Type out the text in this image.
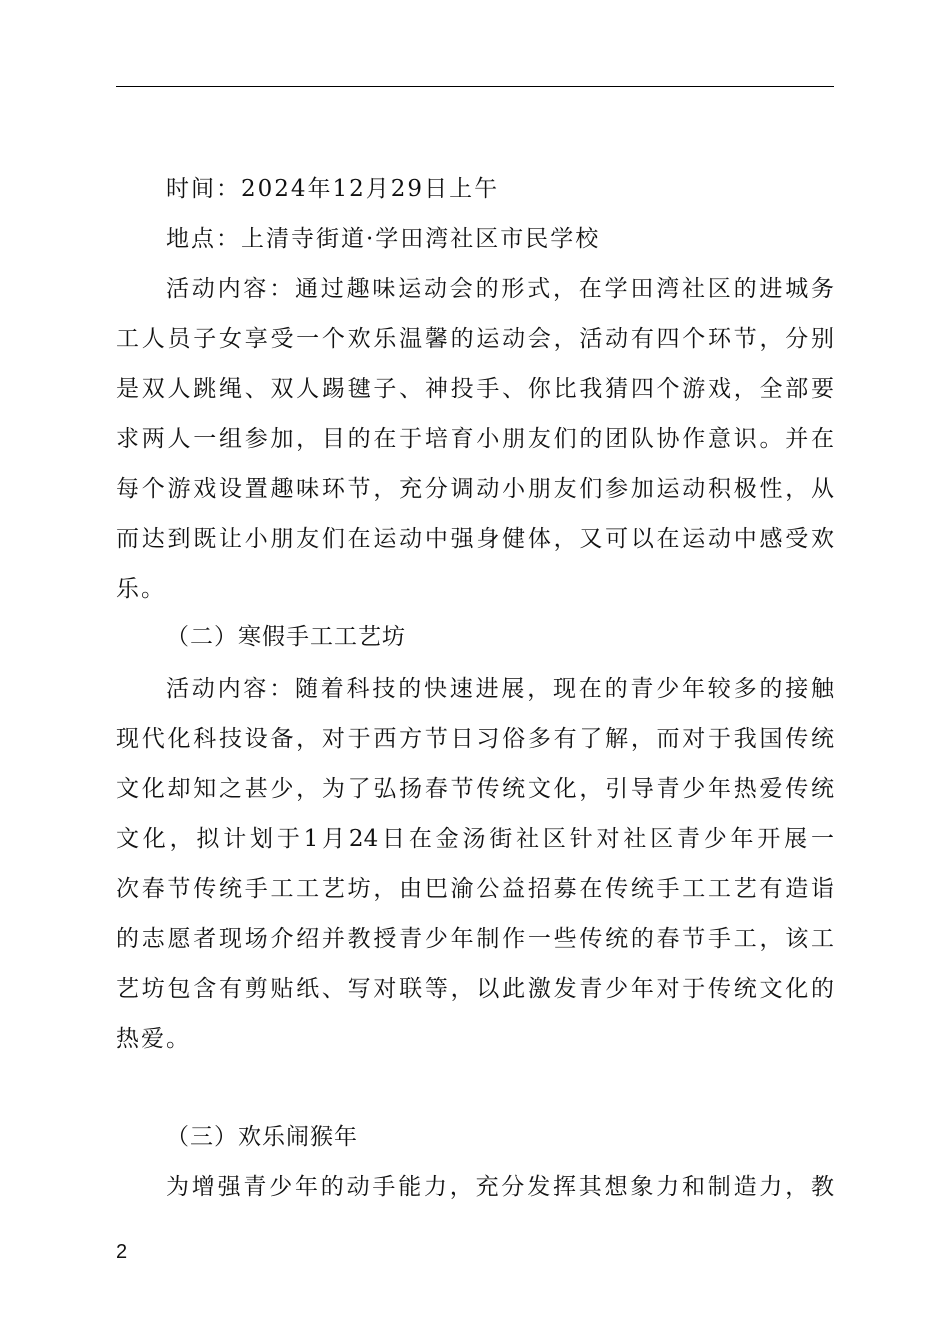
时间：2024年12月29日上午
地点：上清寺街道·学田湾社区市民学校
活动内容：通过趣味运动会的形式，在学田湾社区的进城务
工人员子女享受一个欢乐温馨的运动会，活动有四个环节，分别
是双人跳绳、双人踢毽子、神投手、你比我猜四个游戏，全部要
求两人一组参加，目的在于培育小朋友们的团队协作意识。并在
每个游戏设置趣味环节，充分调动小朋友们参加运动积极性，从
而达到既让小朋友们在运动中强身健体，又可以在运动中感受欢
乐。
（二）寒假手工工艺坊
活动内容：随着科技的快速进展，现在的青少年较多的接触
现代化科技设备，对于西方节日习俗多有了解，而对于我国传统
文化却知之甚少，为了弘扬春节传统文化，引导青少年热爱传统
文化，拟计划于1月24日在金汤街社区针对社区青少年开展一
次春节传统手工工艺坊，由巴渝公益招募在传统手工工艺有造诣
的志愿者现场介绍并教授青少年制作一些传统的春节手工，该工
艺坊包含有剪贴纸、写对联等，以此激发青少年对于传统文化的
热爱。
（三）欢乐闹猴年
为增强青少年的动手能力，充分发挥其想象力和制造力，教
2
